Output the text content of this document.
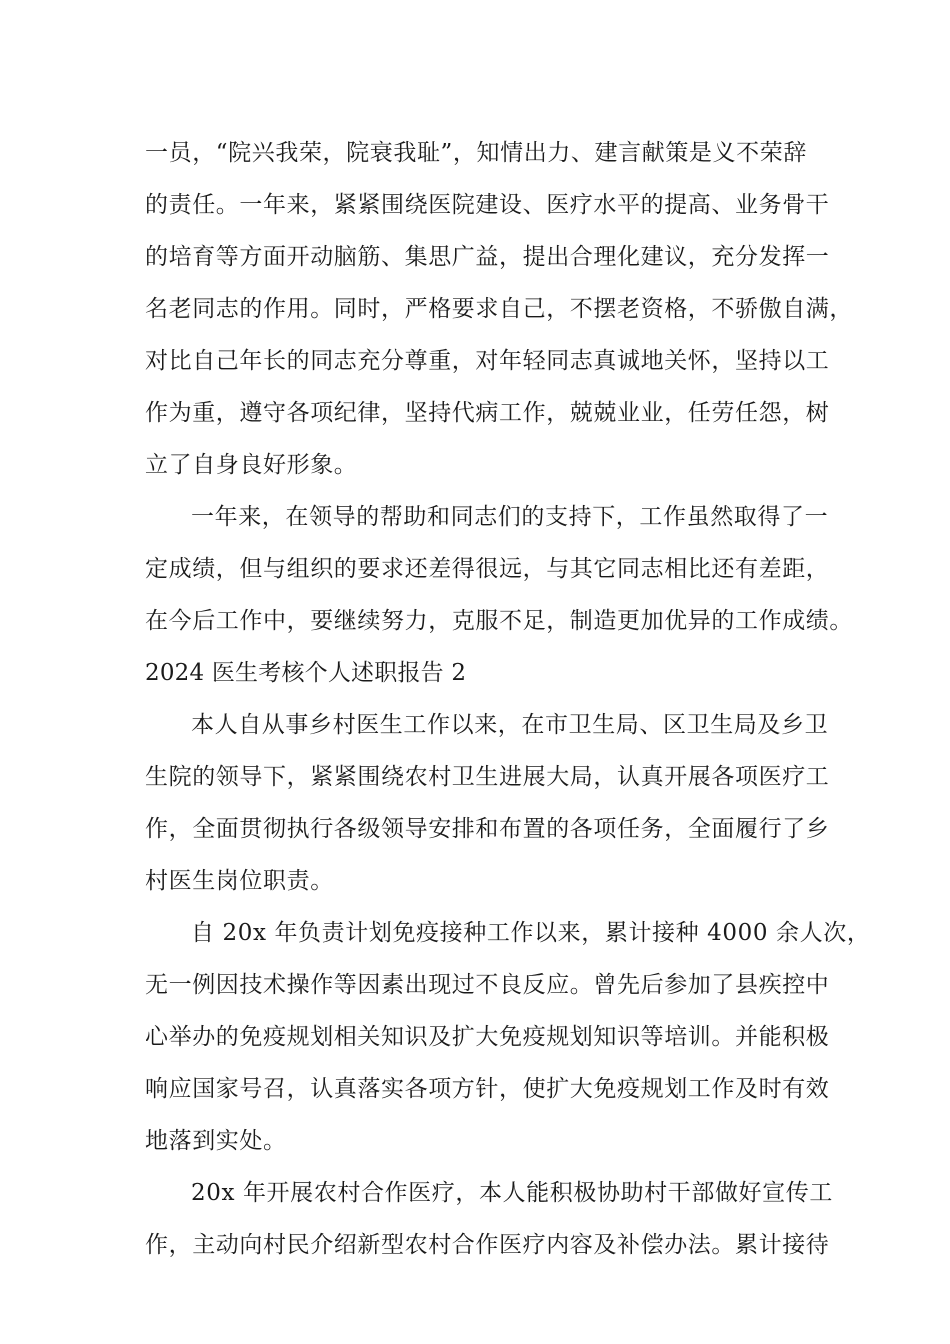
一员，“院兴我荣，院衰我耻”，知情出力、建言献策是义不荣辞
的责任。一年来，紧紧围绕医院建设、医疗水平的提高、业务骨干
的培育等方面开动脑筋、集思广益，提出合理化建议，充分发挥一
名老同志的作用。同时，严格要求自己，不摆老资格，不骄傲自满，
对比自己年长的同志充分尊重，对年轻同志真诚地关怀，坚持以工
作为重，遵守各项纪律，坚持代病工作，兢兢业业，任劳任怨，树
立了自身良好形象。
一年来，在领导的帮助和同志们的支持下，工作虽然取得了一
定成绩，但与组织的要求还差得很远，与其它同志相比还有差距，
在今后工作中，要继续努力，克服不足，制造更加优异的工作成绩。
2024 医生考核个人述职报告 2
本人自从事乡村医生工作以来，在市卫生局、区卫生局及乡卫
生院的领导下，紧紧围绕农村卫生进展大局，认真开展各项医疗工
作，全面贯彻执行各级领导安排和布置的各项任务，全面履行了乡
村医生岗位职责。
自 20x 年负责计划免疫接种工作以来，累计接种 4000 余人次，
无一例因技术操作等因素出现过不良反应。曾先后参加了县疾控中
心举办的免疫规划相关知识及扩大免疫规划知识等培训。并能积极
响应国家号召，认真落实各项方针，使扩大免疫规划工作及时有效
地落到实处。
20x 年开展农村合作医疗，本人能积极协助村干部做好宣传工
作，主动向村民介绍新型农村合作医疗内容及补偿办法。累计接待
